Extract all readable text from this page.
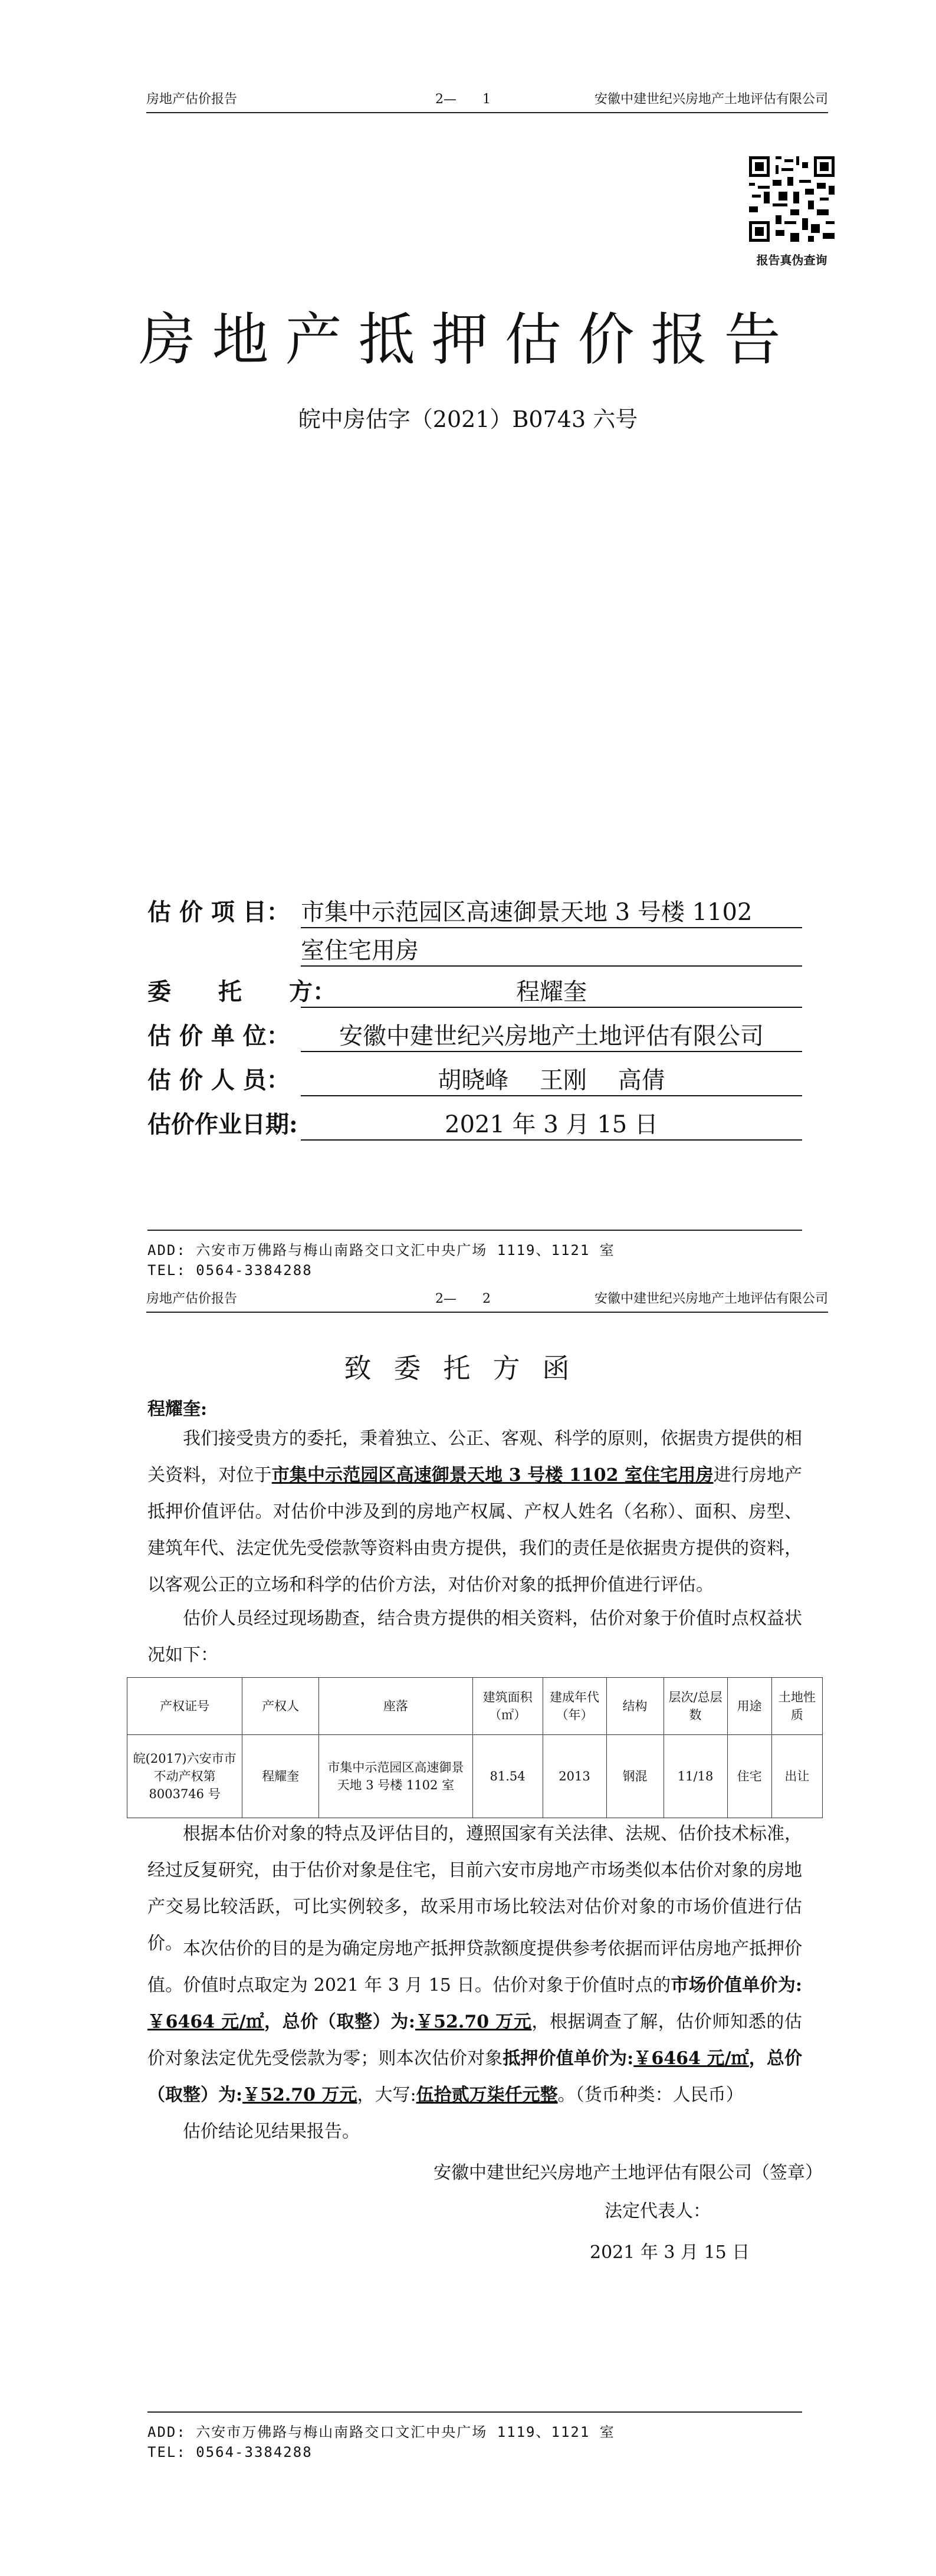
房地产估价报告	2—　　1	安徽中建世纪兴房地产土地评估有限公司
报告真伪查询
房地产抵押估价报告
皖中房估字（2021）B0743 六号
估 价 项 目： 市集中示范园区高速御景天地 3 号楼 1102
室住宅用房
委　　托　　方：	程耀奎
估 价 单 位：	安徽中建世纪兴房地产土地评估有限公司
估 价 人 员：	胡晓峰　 王刚　 高倩
估价作业日期:	2021 年 3 月 15 日
ADD: 六安市万佛路与梅山南路交口文汇中央广场 1119、1121 室
TEL: 0564-3384288
房地产估价报告	2—　　2	安徽中建世纪兴房地产土地评估有限公司
致委托方函
程耀奎:
我们接受贵方的委托，秉着独立、公正、客观、科学的原则，依据贵方提供的相关资料，对位于市集中示范园区高速御景天地 3 号楼 1102 室住宅用房进行房地产抵押价值评估。对估价中涉及到的房地产权属、产权人姓名（名称）、面积、房型、建筑年代、法定优先受偿款等资料由贵方提供，我们的责任是依据贵方提供的资料，以客观公正的立场和科学的估价方法，对估价对象的抵押价值进行评估。
估价人员经过现场勘查，结合贵方提供的相关资料，估价对象于价值时点权益状况如下：
产权证号	产权人	座落	建筑面积（㎡）	建成年代（年）	结构	层次/总层数	用途	土地性质
皖(2017)六安市市不动产权第 8003746 号	程耀奎	市集中示范园区高速御景天地 3 号楼 1102 室	81.54	2013	钢混	11/18	住宅	出让
根据本估价对象的特点及评估目的，遵照国家有关法律、法规、估价技术标准，经过反复研究，由于估价对象是住宅，目前六安市房地产市场类似本估价对象的房地产交易比较活跃，可比实例较多，故采用市场比较法对估价对象的市场价值进行估价。 本次估价的目的是为确定房地产抵押贷款额度提供参考依据而评估房地产抵押价值。价值时点取定为 2021 年 3 月 15 日。估价对象于价值时点的市场价值单价为:￥6464 元/㎡，总价（取整）为:￥52.70 万元，根据调查了解，估价师知悉的估价对象法定优先受偿款为零；则本次估价对象抵押价值单价为:￥6464 元/㎡，总价（取整）为:￥52.70 万元，大写:伍拾贰万柒仟元整。（货币种类：人民币）
估价结论见结果报告。
安徽中建世纪兴房地产土地评估有限公司（签章）
法定代表人：
2021 年 3 月 15 日
ADD: 六安市万佛路与梅山南路交口文汇中央广场 1119、1121 室
TEL: 0564-3384288
